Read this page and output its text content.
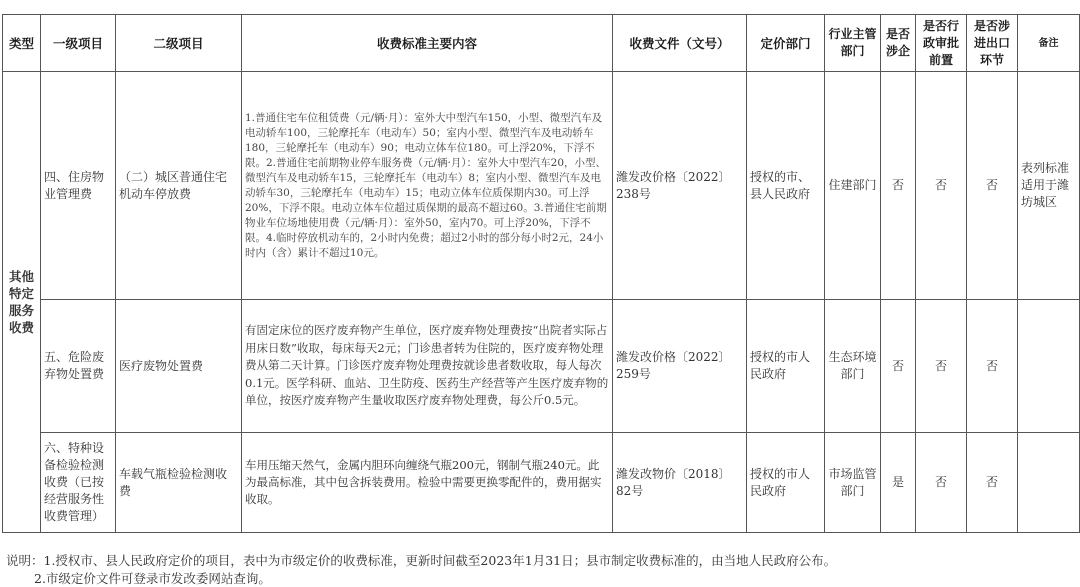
类型	一级项目	二级项目	收费标准主要内容	收费文件（文号）	定价部门	行业主管部门	是否涉企	是否行政审批前置	是否涉进出口环节	备注
其他特定服务收费	四、住房物业管理费	（二）城区普通住宅机动车停放费	1.普通住宅车位租赁费（元/辆·月）：室外大中型汽车150，小型、微型汽车及电动轿车100，三轮摩托车（电动车）50；室内小型、微型汽车及电动轿车180，三轮摩托车（电动车）90；电动立体车位180。可上浮20%，下浮不限。2.普通住宅前期物业停车服务费（元/辆·月）：室外大中型汽车20，小型、微型汽车及电动轿车15，三轮摩托车（电动车）8；室内小型、微型汽车及电动轿车30，三轮摩托车（电动车）15；电动立体车位质保期内30。可上浮20%，下浮不限。电动立体车位超过质保期的最高不超过60。3.普通住宅前期物业车位场地使用费（元/辆·月）：室外50，室内70。可上浮20%，下浮不限。4.临时停放机动车的，2小时内免费；超过2小时的部分每小时2元，24小时内（含）累计不超过10元。	潍发改价格〔2022〕238号	授权的市、县人民政府	住建部门	否	否	否	表列标准适用于潍坊城区
	五、危险废弃物处置费	医疗废物处置费	有固定床位的医疗废弃物产生单位，医疗废弃物处理费按“出院者实际占用床日数”收取，每床每天2元；门诊患者转为住院的，医疗废弃物处理费从第二天计算。门诊医疗废弃物处理费按就诊患者数收取，每人每次0.1元。医学科研、血站、卫生防疫、医药生产经营等产生医疗废弃物的单位，按医疗废弃物产生量收取医疗废弃物处理费，每公斤0.5元。	潍发改价格〔2022〕259号	授权的市人民政府	生态环境部门	否	否	否	
	六、特种设备检验检测收费（已按经营服务性收费管理）	车载气瓶检验检测收费	车用压缩天然气，金属内胆环向缠绕气瓶200元，钢制气瓶240元。此为最高标准，其中包含拆装费用。检验中需要更换零配件的，费用据实收取。	潍发改物价〔2018〕82号	授权的市人民政府	市场监管部门	是	否	否	
说明：1.授权市、县人民政府定价的项目，表中为市级定价的收费标准，更新时间截至2023年1月31日；县市制定收费标准的，由当地人民政府公布。
2.市级定价文件可登录市发改委网站查询。
